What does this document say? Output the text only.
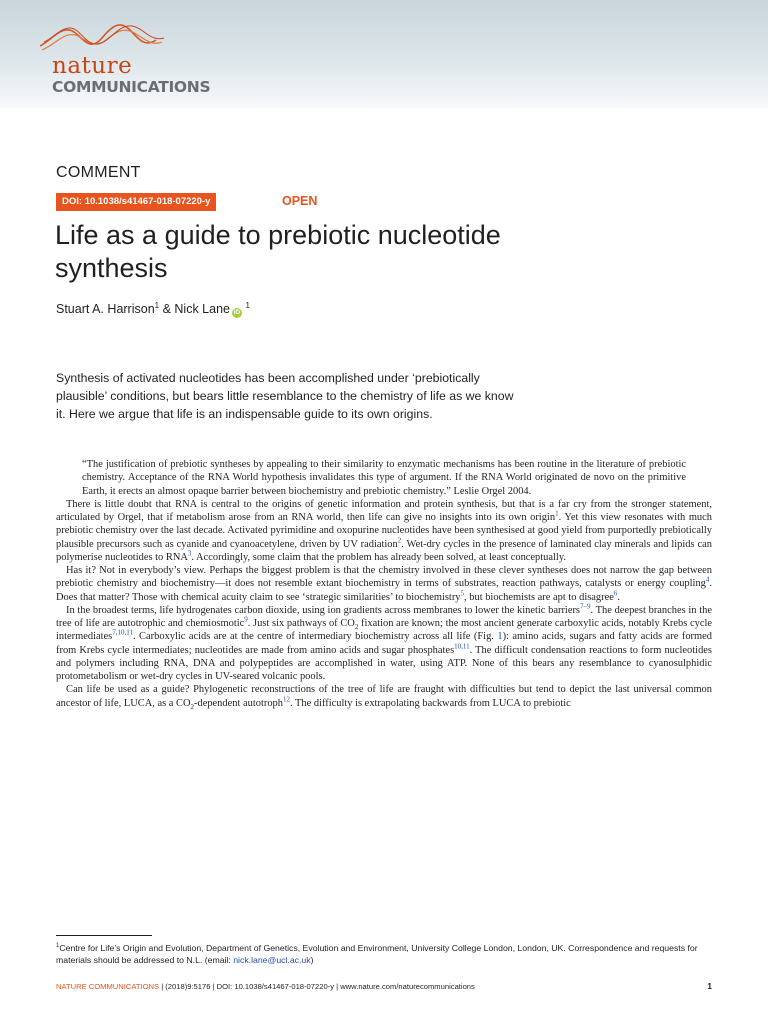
nature
COMMUNICATIONS
COMMENT
DOI: 10.1038/s41467-018-07220-y	OPEN
Life as a guide to prebiotic nucleotide synthesis
Stuart A. Harrison$^1$ & Nick Lane iD $^1$

Synthesis of activated nucleotides has been accomplished under ‘prebiotically plausible’ conditions, but bears little resemblance to the chemistry of life as we know it. Here we argue that life is an indispensable guide to its own origins.

“The justification of prebiotic syntheses by appealing to their similarity to enzymatic mechanisms has been routine in the literature of prebiotic chemistry. Acceptance of the RNA World hypothesis invalidates this type of argument. If the RNA World originated de novo on the primitive Earth, it erects an almost opaque barrier between biochemistry and prebiotic chemistry.” Leslie Orgel 2004.

There is little doubt that RNA is central to the origins of genetic information and protein synthesis, but that is a far cry from the stronger statement, articulated by Orgel, that if metabolism arose from an RNA world, then life can give no insights into its own origin$^1$. Yet this view resonates with much prebiotic chemistry over the last decade. Activated pyrimidine and oxopurine nucleotides have been synthesised at good yield from purportedly prebiotically plausible precursors such as cyanide and cyanoacetylene, driven by UV radiation$^2$. Wet-dry cycles in the presence of laminated clay minerals and lipids can polymerise nucleotides to RNA$^3$. Accordingly, some claim that the problem has already been solved, at least conceptually.

Has it? Not in everybody’s view. Perhaps the biggest problem is that the chemistry involved in these clever syntheses does not narrow the gap between prebiotic chemistry and biochemistry—it does not resemble extant biochemistry in terms of substrates, reaction pathways, catalysts or energy coupling$^4$. Does that matter? Those with chemical acuity claim to see ‘strategic similarities’ to biochemistry$^5$, but biochemists are apt to disagree$^6$.

In the broadest terms, life hydrogenates carbon dioxide, using ion gradients across membranes to lower the kinetic barriers$^{7-9}$. The deepest branches in the tree of life are autotrophic and chemiosmotic$^9$. Just six pathways of $CO_2$ fixation are known; the most ancient generate carboxylic acids, notably Krebs cycle intermediates$^{7,10,11}$. Carboxylic acids are at the centre of intermediary biochemistry across all life (Fig. 1): amino acids, sugars and fatty acids are formed from Krebs cycle intermediates; nucleotides are made from amino acids and sugar phosphates$^{10,11}$. The difficult condensation reactions to form nucleotides and polymers including RNA, DNA and polypeptides are accomplished in water, using ATP. None of this bears any resemblance to cyanosulphidic protometabolism or wet-dry cycles in UV-seared volcanic pools.

Can life be used as a guide? Phylogenetic reconstructions of the tree of life are fraught with difficulties but tend to depict the last universal common ancestor of life, LUCA, as a $CO_2$-dependent autotroph$^{12}$. The difficulty is extrapolating backwards from LUCA to prebiotic

$^1$Centre for Life’s Origin and Evolution, Department of Genetics, Evolution and Environment, University College London, London, UK. Correspondence and requests for materials should be addressed to N.L. (email: nick.lane@ucl.ac.uk)
NATURE COMMUNICATIONS | (2018)9:5176 | DOI: 10.1038/s41467-018-07220-y | www.nature.com/naturecommunications	1
